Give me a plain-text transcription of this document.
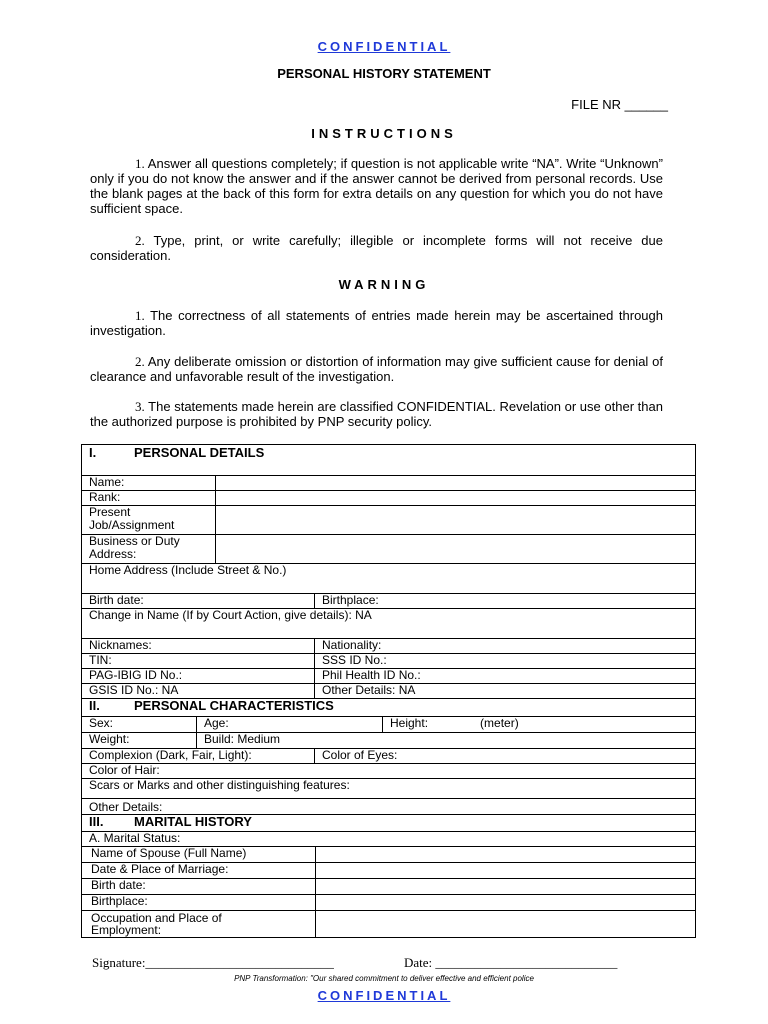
CONFIDENTIAL
PERSONAL HISTORY STATEMENT
FILE NR ______
INSTRUCTIONS

1. Answer all questions completely; if question is not applicable write “NA”. Write “Unknown” only if you do not know the answer and if the answer cannot be derived from personal records. Use the blank pages at the back of this form for extra details on any question for which you do not have sufficient space.

2. Type, print, or write carefully; illegible or incomplete forms will not receive due consideration.

WARNING

1. The correctness of all statements of entries made herein may be ascertained through investigation.

2. Any deliberate omission or distortion of information may give sufficient cause for denial of clearance and unfavorable result of the investigation.

3. The statements made herein are classified CONFIDENTIAL. Revelation or use other than the authorized purpose is prohibited by PNP security policy.

I. PERSONAL DETAILS		
Name:		
Rank:		
Present Job/Assignment		
Business or Duty Address:		
Home Address (Include Street & No.)		
Birth date:		Birthplace:
Change in Name (If by Court Action, give details): NA		
Nicknames:		Nationality:
TIN:		SSS ID No.:
PAG-IBIG ID No.:		Phil Health ID No.:
GSIS ID No.: NA		Other Details: NA
II. PERSONAL CHARACTERISTICS		

Sex: Age: Height: (meter)		

Weight: Build: Medium		

Complexion (Dark, Fair, Light):		Color of Eyes:
Color of Hair:		
Scars or Marks and other distinguishing features:		
Other Details:		
III. MARITAL HISTORY		
A. Marital Status:		

Name of Spouse (Full Name)		

Date & Place of Marriage:		

Birth date:		

Birthplace:		

Occupation and Place of Employment:		
Signature:_____________________________	Date: ____________________________
PNP Transformation: "Our shared commitment to deliver effective and efficient police
CONFIDENTIAL
